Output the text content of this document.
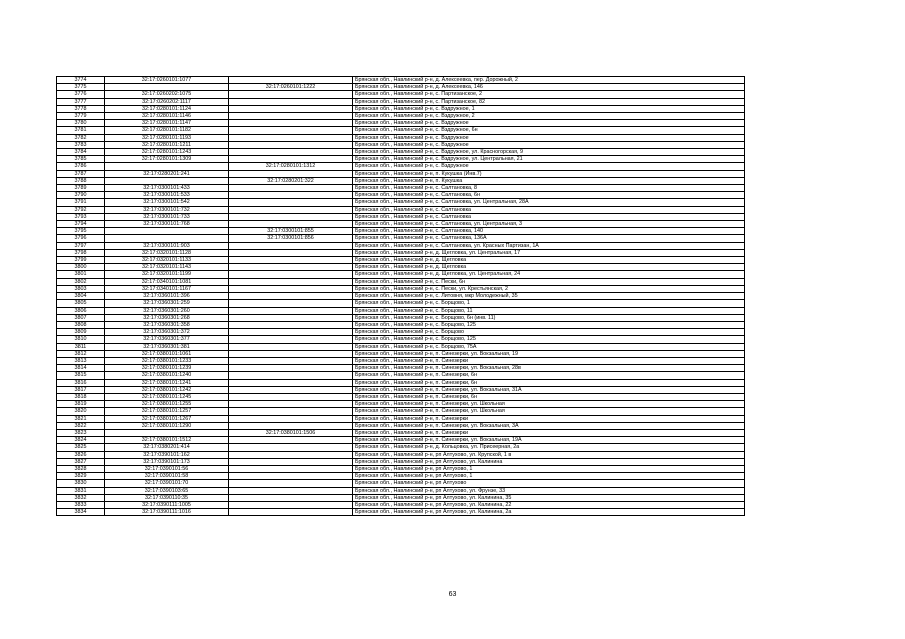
3774	32:17:0260101:1077		Брянская обл., Навлинский р-н, д. Алексеевка, пер. Дорожный, 2
3775		32:17:0260101:1222	Брянская обл., Навлинский р-н, д. Алексеевка, 146
3776	32:17:0260202:1075		Брянская обл., Навлинский р-н, с. Партизанское, 2
3777	32:17:0260202:1117		Брянская обл., Навлинский р-н, с. Партизанское, 82
3778	32:17:0280101:1124		Брянская обл., Навлинский р-н, с. Вздружное, 1
3779	32:17:0280101:1146		Брянская обл., Навлинский р-н, с. Вздружное, 2
3780	32:17:0280101:1147		Брянская обл., Навлинский р-н, с. Вздружное
3781	32:17:0280101:1182		Брянская обл., Навлинский р-н, с. Вздружное, 6н
3782	32:17:0280101:1193		Брянская обл., Навлинский р-н, с. Вздружное
3783	32:17:0280101:1211		Брянская обл., Навлинский р-н, с. Вздружное
3784	32:17:0280101:1243		Брянская обл., Навлинский р-н, с. Вздружное, ул. Красногорская, 9
3785	32:17:0280101:1309		Брянская обл., Навлинский р-н, с. Вздружное, ул. Центральная, 21
3786		32:17:0280101:1312	Брянская обл., Навлинский р-н, с. Вздружное
3787	32:17:0280201:241		Брянская обл., Навлинский р-н, п. Кукушка (Инв.7)
3788		32:17:0280201:322	Брянская обл., Навлинский р-н, п. Кукушка
3789	32:17:0300101:433		Брянская обл., Навлинский р-н, с. Салтановка, 8
3790	32:17:0300101:533		Брянская обл., Навлинский р-н, с. Салтановка, 6н
3791	32:17:0300101:542		Брянская обл., Навлинский р-н, с. Салтановка, ул. Центральная, 28А
3792	32:17:0300101:732		Брянская обл., Навлинский р-н, с. Салтановка
3793	32:17:0300101:733		Брянская обл., Навлинский р-н, с. Салтановка
3794	32:17:0300101:768		Брянская обл., Навлинский р-н, с. Салтановка, ул. Центральная, 3
3795		32:17:0300101:855	Брянская обл., Навлинский р-н, с. Салтановка, 140
3796		32:17:0300101:856	Брянская обл., Навлинский р-н, с. Салтановка, 136А
3797	32:17:0300101:903		Брянская обл., Навлинский р-н, с. Салтановка, ул. Красных Партизан, 1А
3798	32:17:0320101:1128		Брянская обл., Навлинский р-н, д. Щегловка, ул. Центральная, 17
3799	32:17:0320101:1133		Брянская обл., Навлинский р-н, д. Щегловка
3800	32:17:0320101:1143		Брянская обл., Навлинский р-н, д. Щегловка
3801	32:17:0320101:1199		Брянская обл., Навлинский р-н, д. Щегловка, ул. Центральная, 24
3802	32:17:0340101:1081		Брянская обл., Навлинский р-н, с. Пески, 6н
3803	32:17:0340101:1167		Брянская обл., Навлинский р-н, с. Пески, ул. Крестьянская, 2
3804	32:17:0360101:396		Брянская обл., Навлинский р-н, с. Литовня, мкр Молодежный, 35
3805	32:17:0360301:259		Брянская обл., Навлинский р-н, с. Борщово, 1
3806	32:17:0360301:260		Брянская обл., Навлинский р-н, с. Борщово, 11
3807	32:17:0360301:268		Брянская обл., Навлинский р-н, с. Борщово, 6н (инв. 11)
3808	32:17:0360301:358		Брянская обл., Навлинский р-н, с. Борщово, 125
3809	32:17:0360301:372		Брянская обл., Навлинский р-н, с. Борщово
3810	32:17:0360301:377		Брянская обл., Навлинский р-н, с. Борщово, 125
3811	32:17:0360301:381		Брянская обл., Навлинский р-н, с. Борщово, 75А
3812	32:17:0380101:1061		Брянская обл., Навлинский р-н, п. Синезерки, ул. Вокзальная, 19
3813	32:17:0380101:1233		Брянская обл., Навлинский р-н, п. Синезерки
3814	32:17:0380101:1239		Брянская обл., Навлинский р-н, п. Синезерки, ул. Вокзальная, 28в
3815	32:17:0380101:1240		Брянская обл., Навлинский р-н, п. Синезерки, 6н
3816	32:17:0380101:1241		Брянская обл., Навлинский р-н, п. Синезерки, 6н
3817	32:17:0380101:1242		Брянская обл., Навлинский р-н, п. Синезерки, ул. Вокзальная, 31А
3818	32:17:0380101:1245		Брянская обл., Навлинский р-н, п. Синезерки, 6н
3819	32:17:0380101:1255		Брянская обл., Навлинский р-н, п. Синезерки, ул. Школьная
3820	32:17:0380101:1257		Брянская обл., Навлинский р-н, п. Синезерки, ул. Школьная
3821	32:17:0380101:1267		Брянская обл., Навлинский р-н, п. Синезерки
3822	32:17:0380101:1290		Брянская обл., Навлинский р-н, п. Синезерки, ул. Вокзальная, 3А
3823		32:17:0380101:1506	Брянская обл., Навлинский р-н, п. Синезерки
3824	32:17:0380101:1512		Брянская обл., Навлинский р-н, п. Синезерки, ул. Вокзальная, 19А
3825	32:17:0380201:414		Брянская обл., Навлинский р-н, д. Кольцовка, ул. Присеерная, 2а
3826	32:17:0390101:162		Брянская обл., Навлинский р-н, рп Алтухово, ул. Крупской, 1 в
3827	32:17:0390101:173		Брянская обл., Навлинский р-н, рп Алтухово, ул. Калинина
3828	32:17:0390101:56		Брянская обл., Навлинский р-н, рп Алтухово, 1
3829	32:17:0390101:58		Брянская обл., Навлинский р-н, рп Алтухово, 1
3830	32:17:0390101:70		Брянская обл., Навлинский р-н, рп Алтухово
3831	32:17:0390103:65		Брянская обл., Навлинский р-н, рп Алтухово, ул. Фрунзе, 33
3832	32:17:0390110:35		Брянская обл., Навлинский р-н, рп Алтухово, ул. Калинина, 35
3833	32:17:0390111:1005		Брянская обл., Навлинский р-н, рп Алтухово, ул. Калинина, 22
3834	32:17:0390111:1016		Брянская обл., Навлинский р-н, рп Алтухово, ул. Калинина, 2а
63
